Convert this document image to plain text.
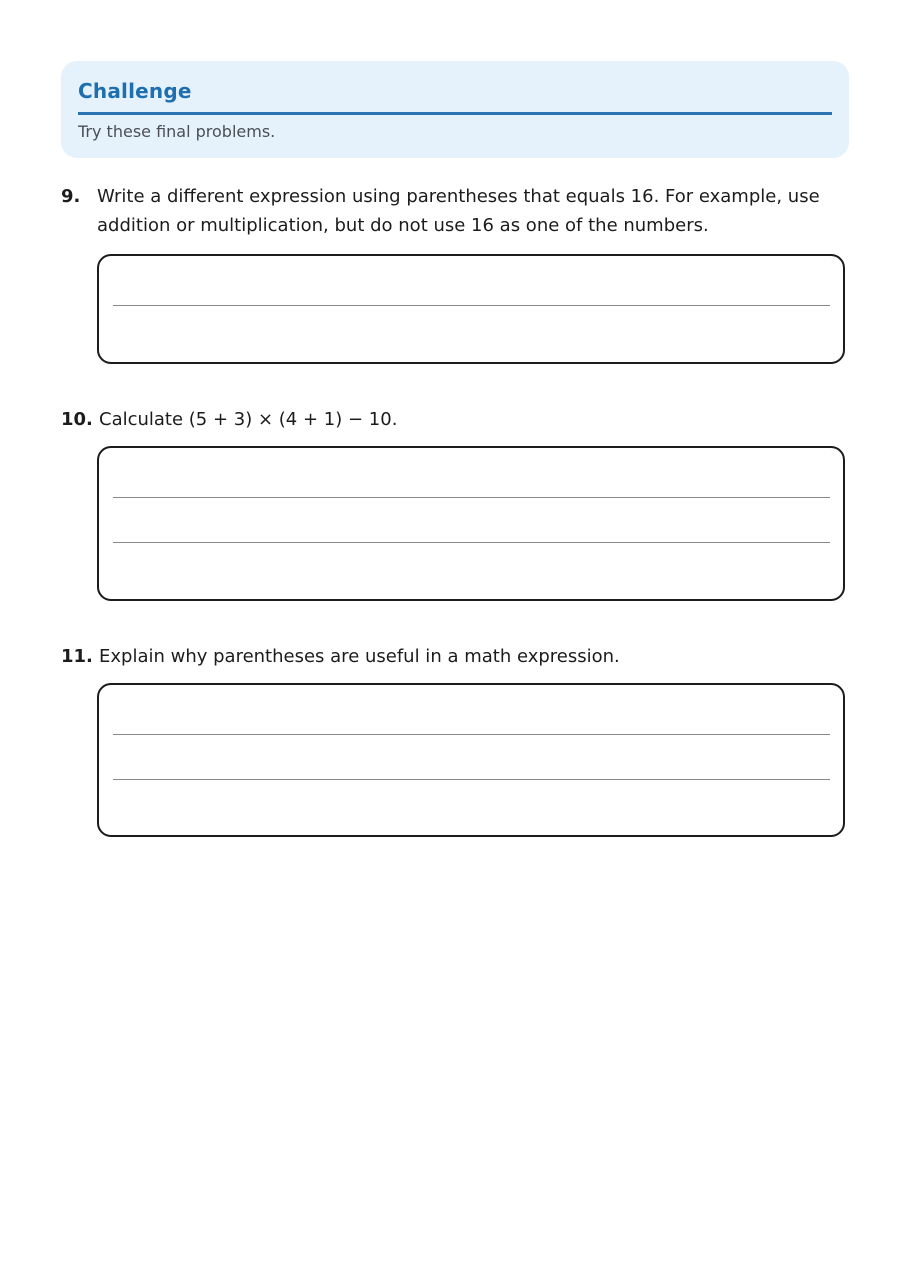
Challenge
Try these final problems.
9. Write a different expression using parentheses that equals 16. For example, use addition or multiplication, but do not use 16 as one of the numbers.
10. Calculate (5 + 3) × (4 + 1) − 10.
11. Explain why parentheses are useful in a math expression.
